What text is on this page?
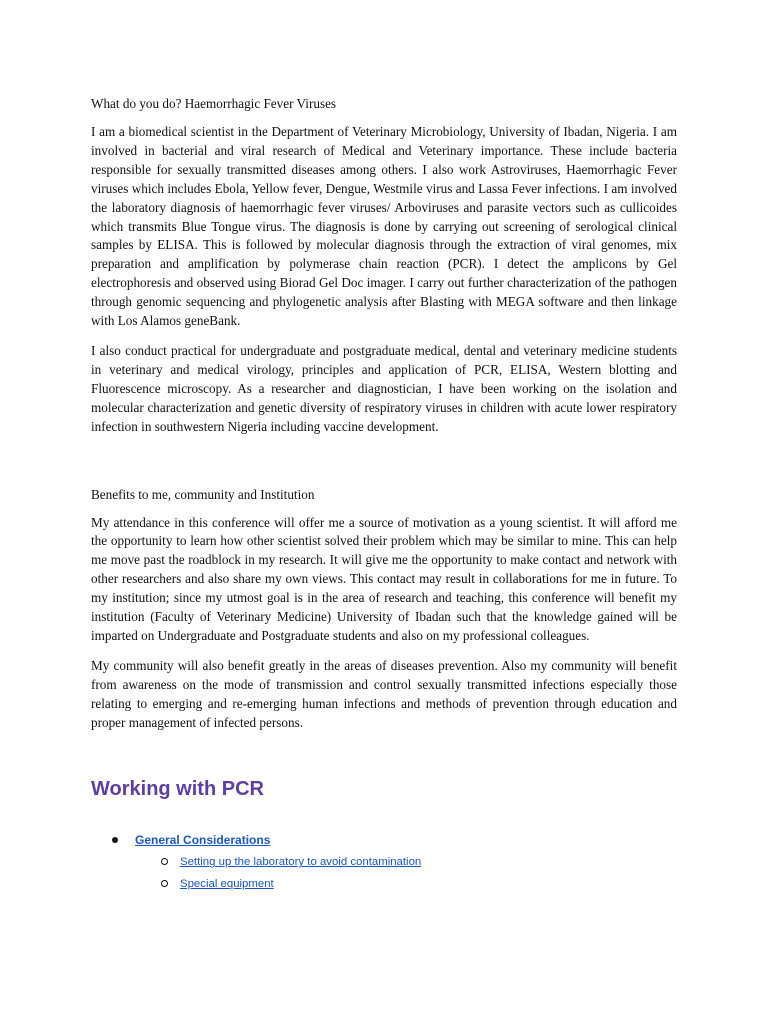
What do you do? Haemorrhagic Fever Viruses

I am a biomedical scientist in the Department of Veterinary Microbiology, University of Ibadan, Nigeria. I am involved in bacterial and viral research of Medical and Veterinary importance. These include bacteria responsible for sexually transmitted diseases among others. I also work Astroviruses, Haemorrhagic Fever viruses which includes Ebola, Yellow fever, Dengue, Westmile virus and Lassa Fever infections. I am involved the laboratory diagnosis of haemorrhagic fever viruses/ Arboviruses and parasite vectors such as cullicoides which transmits Blue Tongue virus. The diagnosis is done by carrying out screening of serological clinical samples by ELISA. This is followed by molecular diagnosis through the extraction of viral genomes, mix preparation and amplification by polymerase chain reaction (PCR). I detect the amplicons by Gel electrophoresis and observed using Biorad Gel Doc imager. I carry out further characterization of the pathogen through genomic sequencing and phylogenetic analysis after Blasting with MEGA software and then linkage with Los Alamos geneBank.

I also conduct practical for undergraduate and postgraduate medical, dental and veterinary medicine students in veterinary and medical virology, principles and application of PCR, ELISA, Western blotting and Fluorescence microscopy. As a researcher and diagnostician, I have been working on the isolation and molecular characterization and genetic diversity of respiratory viruses in children with acute lower respiratory infection in southwestern Nigeria including vaccine development.

Benefits to me, community and Institution

My attendance in this conference will offer me a source of motivation as a young scientist. It will afford me the opportunity to learn how other scientist solved their problem which may be similar to mine. This can help me move past the roadblock in my research. It will give me the opportunity to make contact and network with other researchers and also share my own views. This contact may result in collaborations for me in future. To my institution; since my utmost goal is in the area of research and teaching, this conference will benefit my institution (Faculty of Veterinary Medicine) University of Ibadan such that the knowledge gained will be imparted on Undergraduate and Postgraduate students and also on my professional colleagues.

My community will also benefit greatly in the areas of diseases prevention. Also my community will benefit from awareness on the mode of transmission and control sexually transmitted infections especially those relating to emerging and re-emerging human infections and methods of prevention through education and proper management of infected persons.

Working with PCR
General Considerations
Setting up the laboratory to avoid contamination
Special equipment
